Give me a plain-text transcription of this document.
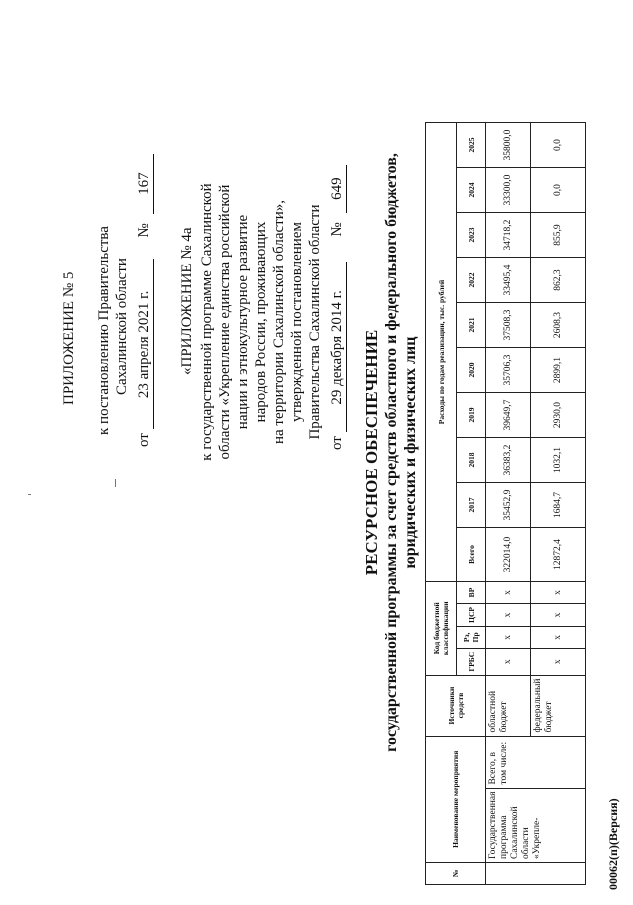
ПРИЛОЖЕНИЕ № 5 к постановлению Правительства Сахалинской области
от 23 апреля 2021 г. № 167
«ПРИЛОЖЕНИЕ № 4а к государственной программе Сахалинской области «Укрепление единства российской нации и этнокультурное развитие народов России, проживающих на территории Сахалинской области», утвержденной постановлением Правительства Сахалинской области
от 29 декабря 2014 г. № 649
РЕСУРСНОЕ ОБЕСПЕЧЕНИЕ государственной программы за счет средств областного и федерального бюджетов, юридических и физических лиц
№	Наименование мероприятия		Источники средств	Код бюджетной классификации				Расходы по годам реализации, тыс. рублей									
				ГРБС	Рз, Пр	ЦСР	ВР	Всего	2017	2018	2019	2020	2021	2022	2023	2024	2025
	Государственная программа Сахалинской области «Укрепле-	Всего, в том числе:	областной бюджет	х	х	х	х	322014,0	35452,9	36383,2	39649,7	35706,3	37508,3	33495,4	34718,2	33300,0	35800,0
			федеральный бюджет	х	х	х	х	12872,4	1684,7	1032,1	2930,0	2899,1	2608,3	862,3	855,9	0,0	0,0
00062(п)(Версия)
